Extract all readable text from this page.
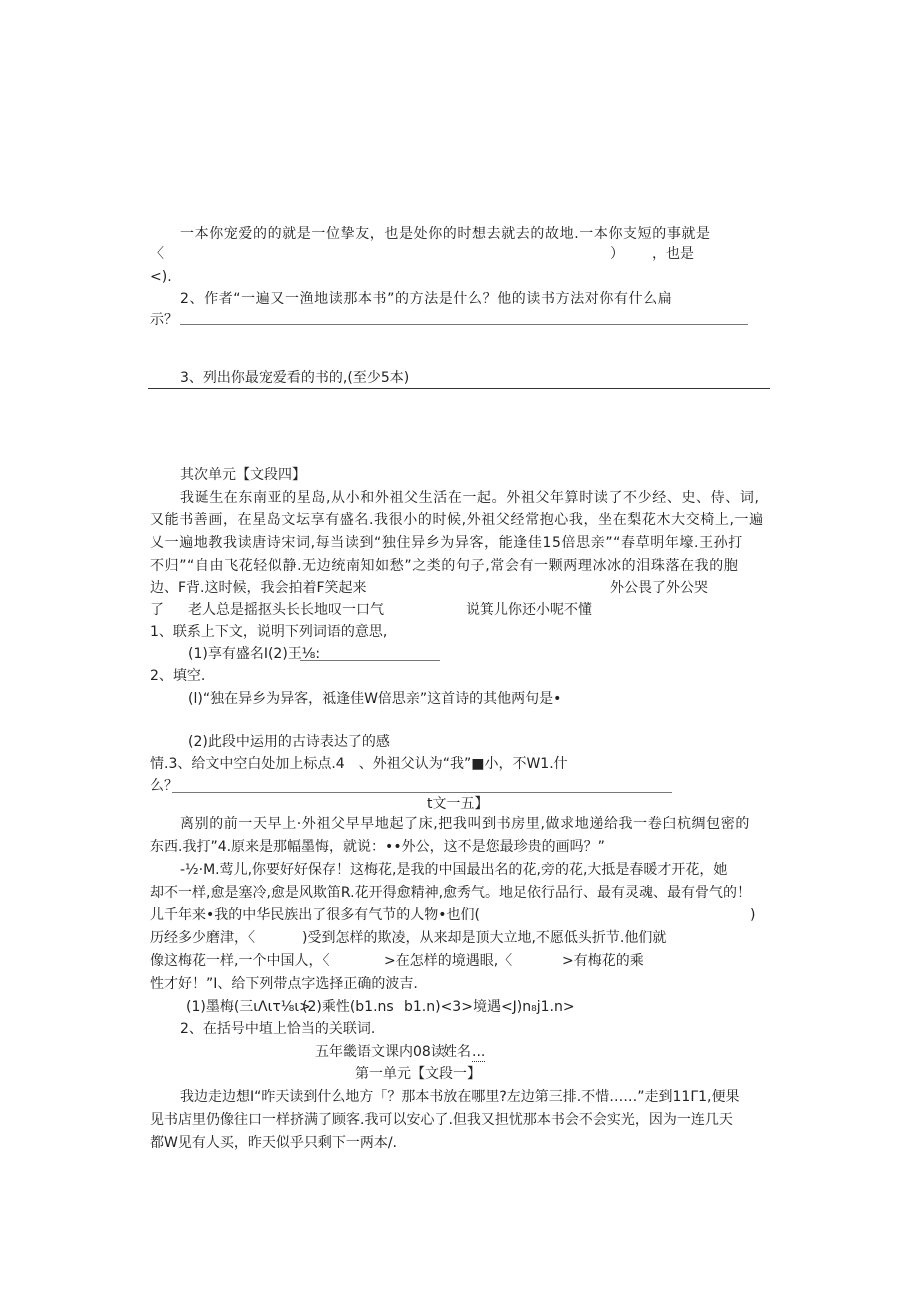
一本你宠爱的的就是一位挚友，也是处你的时想去就去的故地.一本你支短的事就是
〈	） ，也是
<).
2、作者“一遍又一渔地读那本书”的方法是什么？他的读书方法对你有什么扁
示？
3、列出你最宠爱看的书的,(至少5本)
其次单元【文段四】
我诞生在东南亚的星岛,从小和外祖父生活在一起。外祖父年算时读了不少经、史、侍、词,
又能书善画，在星岛文坛享有盛名.我很小的时候,外祖父经常抱心我，坐在梨花木大交椅上,一遍
乂一遍地教我读唐诗宋词,每当读到“独住异乡为异客，能逢佳15倍思亲”“春草明年壕.王孙打
不归”“自由飞花轻似静.无边统南知如愁”之类的句子,常会有一颗两理冰冰的泪珠落在我的胞
边、F背.这时候，我会拍着F笑起来	外公畏了外公哭
了 老人总是摇抠头长长地叹一口气	说箕儿你还小呢不懂
1、联系上下文，说明下列词语的意思,
(1)享有盛名I(2)王⅛:
2、填空.
(l)“独在异乡为异客，祗逢佳W倍思亲”这首诗的其他两句是•
(2)此段中运用的古诗表达了的感
情.3、给文中空白处加上标点.4　、外祖父认为“我”■小，不W1.什
么？
t文一五】
离别的前一天早上·外祖父早早地起了床,把我叫到书房里,做求地递给我一卷臼杭绸包密的
东西.我打”4.原来是那幅墨悔，就说：••外公，这不是您最珍贵的画吗？”
-½·M.莺儿,你要好好保存！这梅花,是我的中国最出名的花,旁的花,大抵是春暖才开花，她
却不一样,愈是塞冷,愈是风欺笛R.花开得愈精神,愈秀气。地足依行品行、最有灵魂、最有骨气的！
儿千年来•我的中华民族出了很多有气节的人物•也们(	)
历经多少磨津，〈	)受到怎样的欺凌，从来却是顶大立地,不愿低头折节.他们就
像这梅花一样,一个中国人，〈	>在怎样的境遇眼,〈	>有梅花的乘
性才好！”I、给下列带点字选择正确的波吉.
(1)墨梅(三ιΛιτ⅛ι>
(2)乘性(b1.ns b1.n)<3>境遇<J)n₈j1.n>
2、在括号中埴上恰当的关联词.
五年畿语文课内08读
姓名 ...
第一单元【文段一】
我边走边想I“昨天读到什么地方「？那本书放在哪里?左边第三排.不惜……”走到11Γ1,便果
见书店里仍像往口一样挤满了顾客.我可以安心了.但我又担忧那本书会不会实光，因为一连几天
都W见有人买，昨天似乎只剩下一两本/.
